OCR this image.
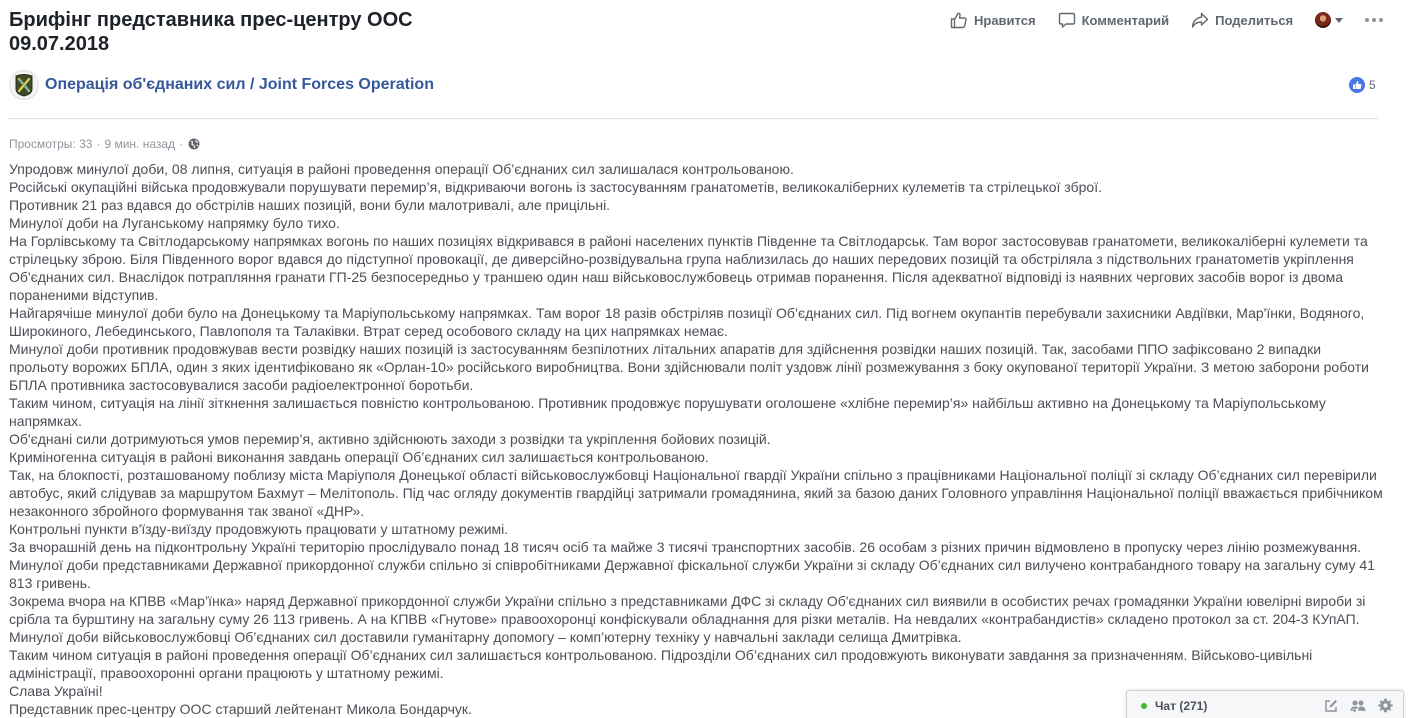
Брифінг представника прес-центру ООС
09.07.2018
Нравится	Комментарий	Поделиться
Операція об'єднаних сил / Joint Forces Operation	5
Просмотры: 33 · 9 мин. назад ·

Упродовж минулої доби, 08 липня, ситуація в районі проведення операції Об’єднаних сил залишалася контрольованою.

Російські окупаційні війська продовжували порушувати перемир’я, відкриваючи вогонь із застосуванням гранатометів, великокаліберних кулеметів та стрілецької зброї.

Противник 21 раз вдався до обстрілів наших позицій, вони були малотривалі, але прицільні.

Минулої доби на Луганському напрямку було тихо.

На Горлівському та Світлодарському напрямках вогонь по наших позиціях відкривався в районі населених пунктів Південне та Світлодарськ. Там ворог застосовував гранатомети, великокаліберні кулемети та стрілецьку зброю. Біля Південного ворог вдався до підступної провокації, де диверсійно-розвідувальна група наблизилась до наших передових позицій та обстріляла з підствольних гранатометів укріплення Об'єднаних сил. Внаслідок потрапляння гранати ГП-25 безпосередньо у траншею один наш військовослужбовець отримав поранення. Після адекватної відповіді із наявних чергових засобів ворог із двома пораненими відступив.

Найгарячіше минулої доби було на Донецькому та Маріупольському напрямках. Там ворог 18 разів обстріляв позиції Об’єднаних сил. Під вогнем окупантів перебували захисники Авдіївки, Мар'їнки, Водяного, Широкиного, Лебединського, Павлополя та Талаківки. Втрат серед особового складу на цих напрямках немає.

Минулої доби противник продовжував вести розвідку наших позицій із застосуванням безпілотних літальних апаратів для здійснення розвідки наших позицій. Так, засобами ППО зафіксовано 2 випадки прольоту ворожих БПЛА, один з яких ідентифіковано як «Орлан-10» російського виробництва. Вони здійснювали політ уздовж лінії розмежування з боку окупованої території України. З метою заборони роботи БПЛА противника застосовувалися засоби радіоелектронної боротьби.

Таким чином, ситуація на лінії зіткнення залишається повністю контрольованою. Противник продовжує порушувати оголошене «хлібне перемир’я» найбільш активно на Донецькому та Маріупольському напрямках.

Об'єднані сили дотримуються умов перемир’я, активно здійснюють заходи з розвідки та укріплення бойових позицій.

Криміногенна ситуація в районі виконання завдань операції Об’єднаних сил залишається контрольованою.

Так, на блокпості, розташованому поблизу міста Маріуполя Донецької області військовослужбовці Національної гвардії України спільно з працівниками Національної поліції зі складу Об’єднаних сил перевірили автобус, який слідував за маршрутом Бахмут – Мелітополь. Під час огляду документів гвардійці затримали громадянина, який за базою даних Головного управління Національної поліції вважається прибічником незаконного збройного формування так званої «ДНР».

Контрольні пункти в'їзду-виїзду продовжують працювати у штатному режимі.

За вчорашній день на підконтрольну Україні територію прослідувало понад 18 тисяч осіб та майже 3 тисячі транспортних засобів. 26 особам з різних причин відмовлено в пропуску через лінію розмежування.

Минулої доби представниками Державної прикордонної служби спільно зі співробітниками Державної фіскальної служби України зі складу Об’єднаних сил вилучено контрабандного товару на загальну суму 41 813 гривень.

Зокрема вчора на КПВВ «Мар’їнка» наряд Державної прикордонної служби України спільно з представниками ДФС зі складу Об'єднаних сил виявили в особистих речах громадянки України ювелірні вироби зі срібла та бурштину на загальну суму 26 113 гривень. А на КПВВ «Гнутове» правоохоронці конфіскували обладнання для різки металів. На невдалих «контрабандистів» складено протокол за ст. 204-3 КУпАП.

Минулої доби військовослужбовці Об’єднаних сил доставили гуманітарну допомогу – комп’ютерну техніку у навчальні заклади селища Дмитрівка.

Таким чином ситуація в районі проведення операції Об’єднаних сил залишається контрольованою. Підрозділи Об’єднаних сил продовжують виконувати завдання за призначенням. Військово-цивільні адміністрації, правоохоронні органи працюють у штатному режимі.

Слава Україні!

Представник прес-центру ООС старший лейтенант Микола Бондарчук.	Чат (271)
